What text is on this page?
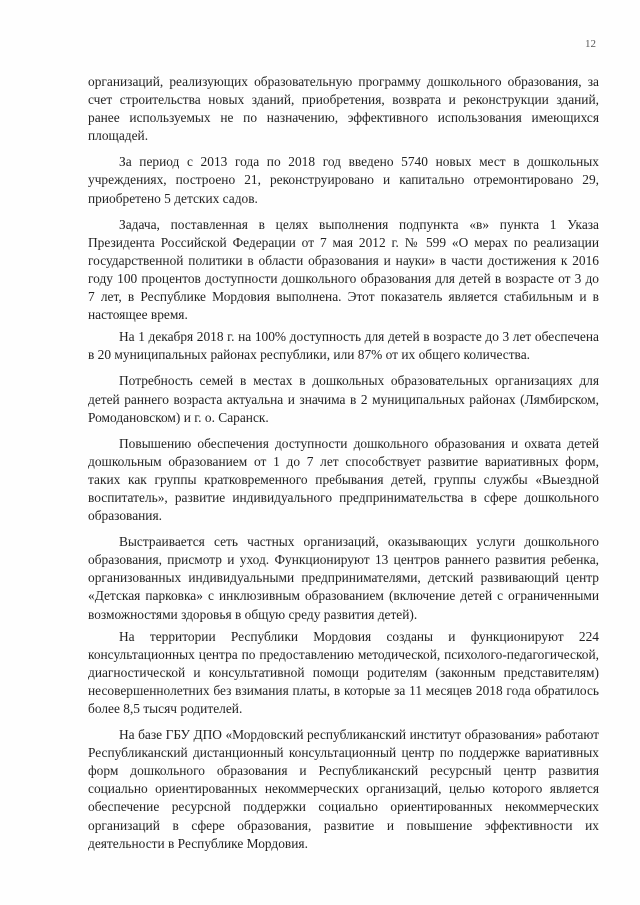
12

организаций, реализующих образовательную программу дошкольного образования, за счет строительства новых зданий, приобретения, возврата и реконструкции зданий, ранее используемых не по назначению, эффективного использования имеющихся площадей.

За период с 2013 года по 2018 год введено 5740 новых мест в дошкольных учреждениях, построено 21, реконструировано и капитально отремонтировано 29, приобретено 5 детских садов.

Задача, поставленная в целях выполнения подпункта «в» пункта 1 Указа Президента Российской Федерации от 7 мая 2012 г. № 599 «О мерах по реализации государственной политики в области образования и науки» в части достижения к 2016 году 100 процентов доступности дошкольного образования для детей в возрасте от 3 до 7 лет, в Республике Мордовия выполнена. Этот показатель является стабильным и в настоящее время.

На 1 декабря 2018 г. на 100% доступность для детей в возрасте до 3 лет обеспечена в 20 муниципальных районах республики, или 87% от их общего количества.

Потребность семей в местах в дошкольных образовательных организациях для детей раннего возраста актуальна и значима в 2 муниципальных районах (Лямбирском, Ромодановском) и г. о. Саранск.

Повышению обеспечения доступности дошкольного образования и охвата детей дошкольным образованием от 1 до 7 лет способствует развитие вариативных форм, таких как группы кратковременного пребывания детей, группы службы «Выездной воспитатель», развитие индивидуального предпринимательства в сфере дошкольного образования.

Выстраивается сеть частных организаций, оказывающих услуги дошкольного образования, присмотр и уход. Функционируют 13 центров раннего развития ребенка, организованных индивидуальными предпринимателями, детский развивающий центр «Детская парковка» с инклюзивным образованием (включение детей с ограниченными возможностями здоровья в общую среду развития детей).

На территории Республики Мордовия созданы и функционируют 224 консультационных центра по предоставлению методической, психолого-педагогической, диагностической и консультативной помощи родителям (законным представителям) несовершеннолетних без взимания платы, в которые за 11 месяцев 2018 года обратилось более 8,5 тысяч родителей.

На базе ГБУ ДПО «Мордовский республиканский институт образования» работают Республиканский дистанционный консультационный центр по поддержке вариативных форм дошкольного образования и Республиканский ресурсный центр развития социально ориентированных некоммерческих организаций, целью которого является обеспечение ресурсной поддержки социально ориентированных некоммерческих организаций в сфере образования, развитие и повышение эффективности их деятельности в Республике Мордовия.
